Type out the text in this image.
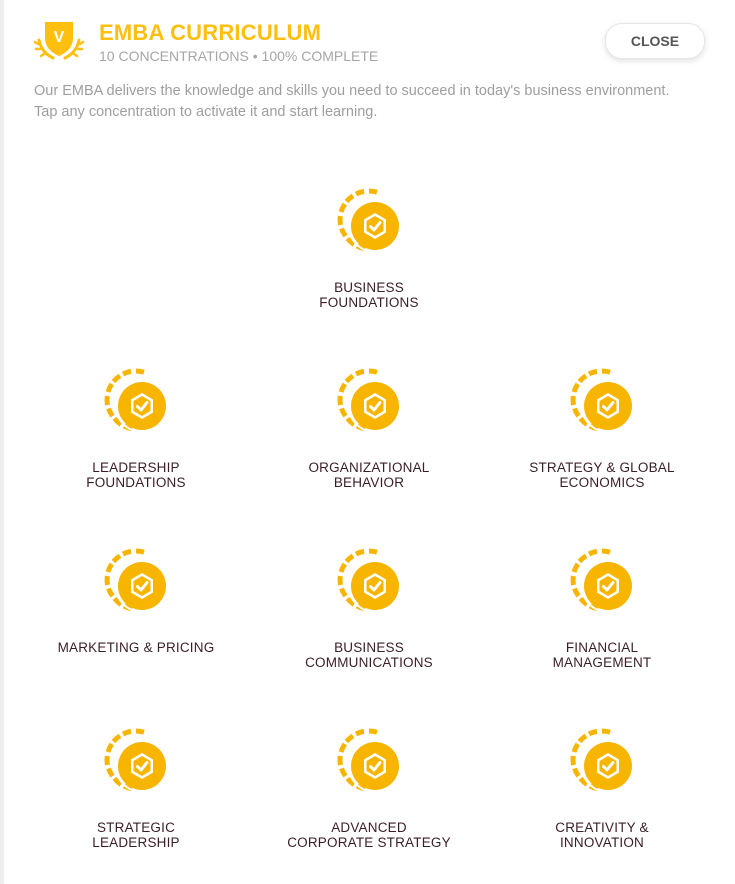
V EMBA CURRICULUM
10 CONCENTRATIONS • 100% COMPLETE
CLOSE
Our EMBA delivers the knowledge and skills you need to succeed in today's business environment.
Tap any concentration to activate it and start learning.
BUSINESS
FOUNDATIONS
LEADERSHIP
FOUNDATIONS
ORGANIZATIONAL
BEHAVIOR
STRATEGY & GLOBAL
ECONOMICS
MARKETING & PRICING	BUSINESS
COMMUNICATIONS
FINANCIAL
MANAGEMENT
STRATEGIC
LEADERSHIP
ADVANCED
CORPORATE STRATEGY
CREATIVITY &
INNOVATION
